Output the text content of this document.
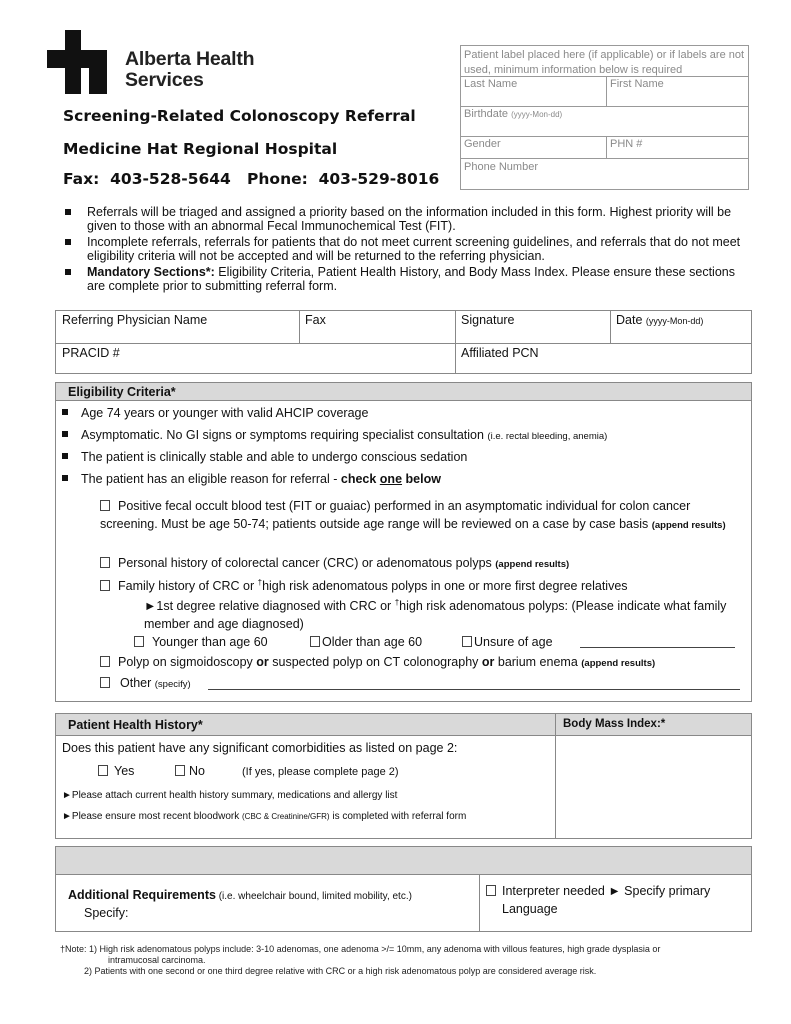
Alberta Health
Services
Screening-Related Colonoscopy Referral
Medicine Hat Regional Hospital
Fax:  403-528-5644   Phone:  403-529-8016
Patient label placed here (if applicable) or if labels are not used, minimum information below is required
Last Name	First Name
Birthdate (yyyy-Mon-dd)
Gender	PHN #
Phone Number
Referrals will be triaged and assigned a priority based on the information included in this form. Highest priority will be given to those with an abnormal Fecal Immunochemical Test (FIT).
Incomplete referrals, referrals for patients that do not meet current screening guidelines, and referrals that do not meet eligibility criteria will not be accepted and will be returned to the referring physician.
Mandatory Sections*: Eligibility Criteria, Patient Health History, and Body Mass Index. Please ensure these sections are complete prior to submitting referral form.
Referring Physician Name	Fax	Signature	Date (yyyy-Mon-dd)
PRACID #	Affiliated PCN
Eligibility Criteria*
Age 74 years or younger with valid AHCIP coverage
Asymptomatic. No GI signs or symptoms requiring specialist consultation (i.e. rectal bleeding, anemia)
The patient is clinically stable and able to undergo conscious sedation
The patient has an eligible reason for referral - check one below
Positive fecal occult blood test (FIT or guaiac) performed in an asymptomatic individual for colon cancer screening. Must be age 50-74; patients outside age range will be reviewed on a case by case basis (append results)
Personal history of colorectal cancer (CRC) or adenomatous polyps (append results)
Family history of CRC or †high risk adenomatous polyps in one or more first degree relatives
►1st degree relative diagnosed with CRC or †high risk adenomatous polyps: (Please indicate what family member and age diagnosed)
Younger than age 60	Older than age 60	Unsure of age
Polyp on sigmoidoscopy or suspected polyp on CT colonography or barium enema (append results)
Other (specify)
Patient Health History*	Body Mass Index:*
Does this patient have any significant comorbidities as listed on page 2:
Yes	No	(If yes, please complete page 2)
►Please attach current health history summary, medications and allergy list
►Please ensure most recent bloodwork (CBC & Creatinine/GFR) is completed with referral form
Additional Requirements (i.e. wheelchair bound, limited mobility, etc.)
Specify:
Interpreter needed ► Specify primary
Language
†Note: 1) High risk adenomatous polyps include: 3-10 adenomas, one adenoma >/= 10mm, any adenoma with villous features, high grade dysplasia or
intramucosal carcinoma.
2) Patients with one second or one third degree relative with CRC or a high risk adenomatous polyp are considered average risk.
